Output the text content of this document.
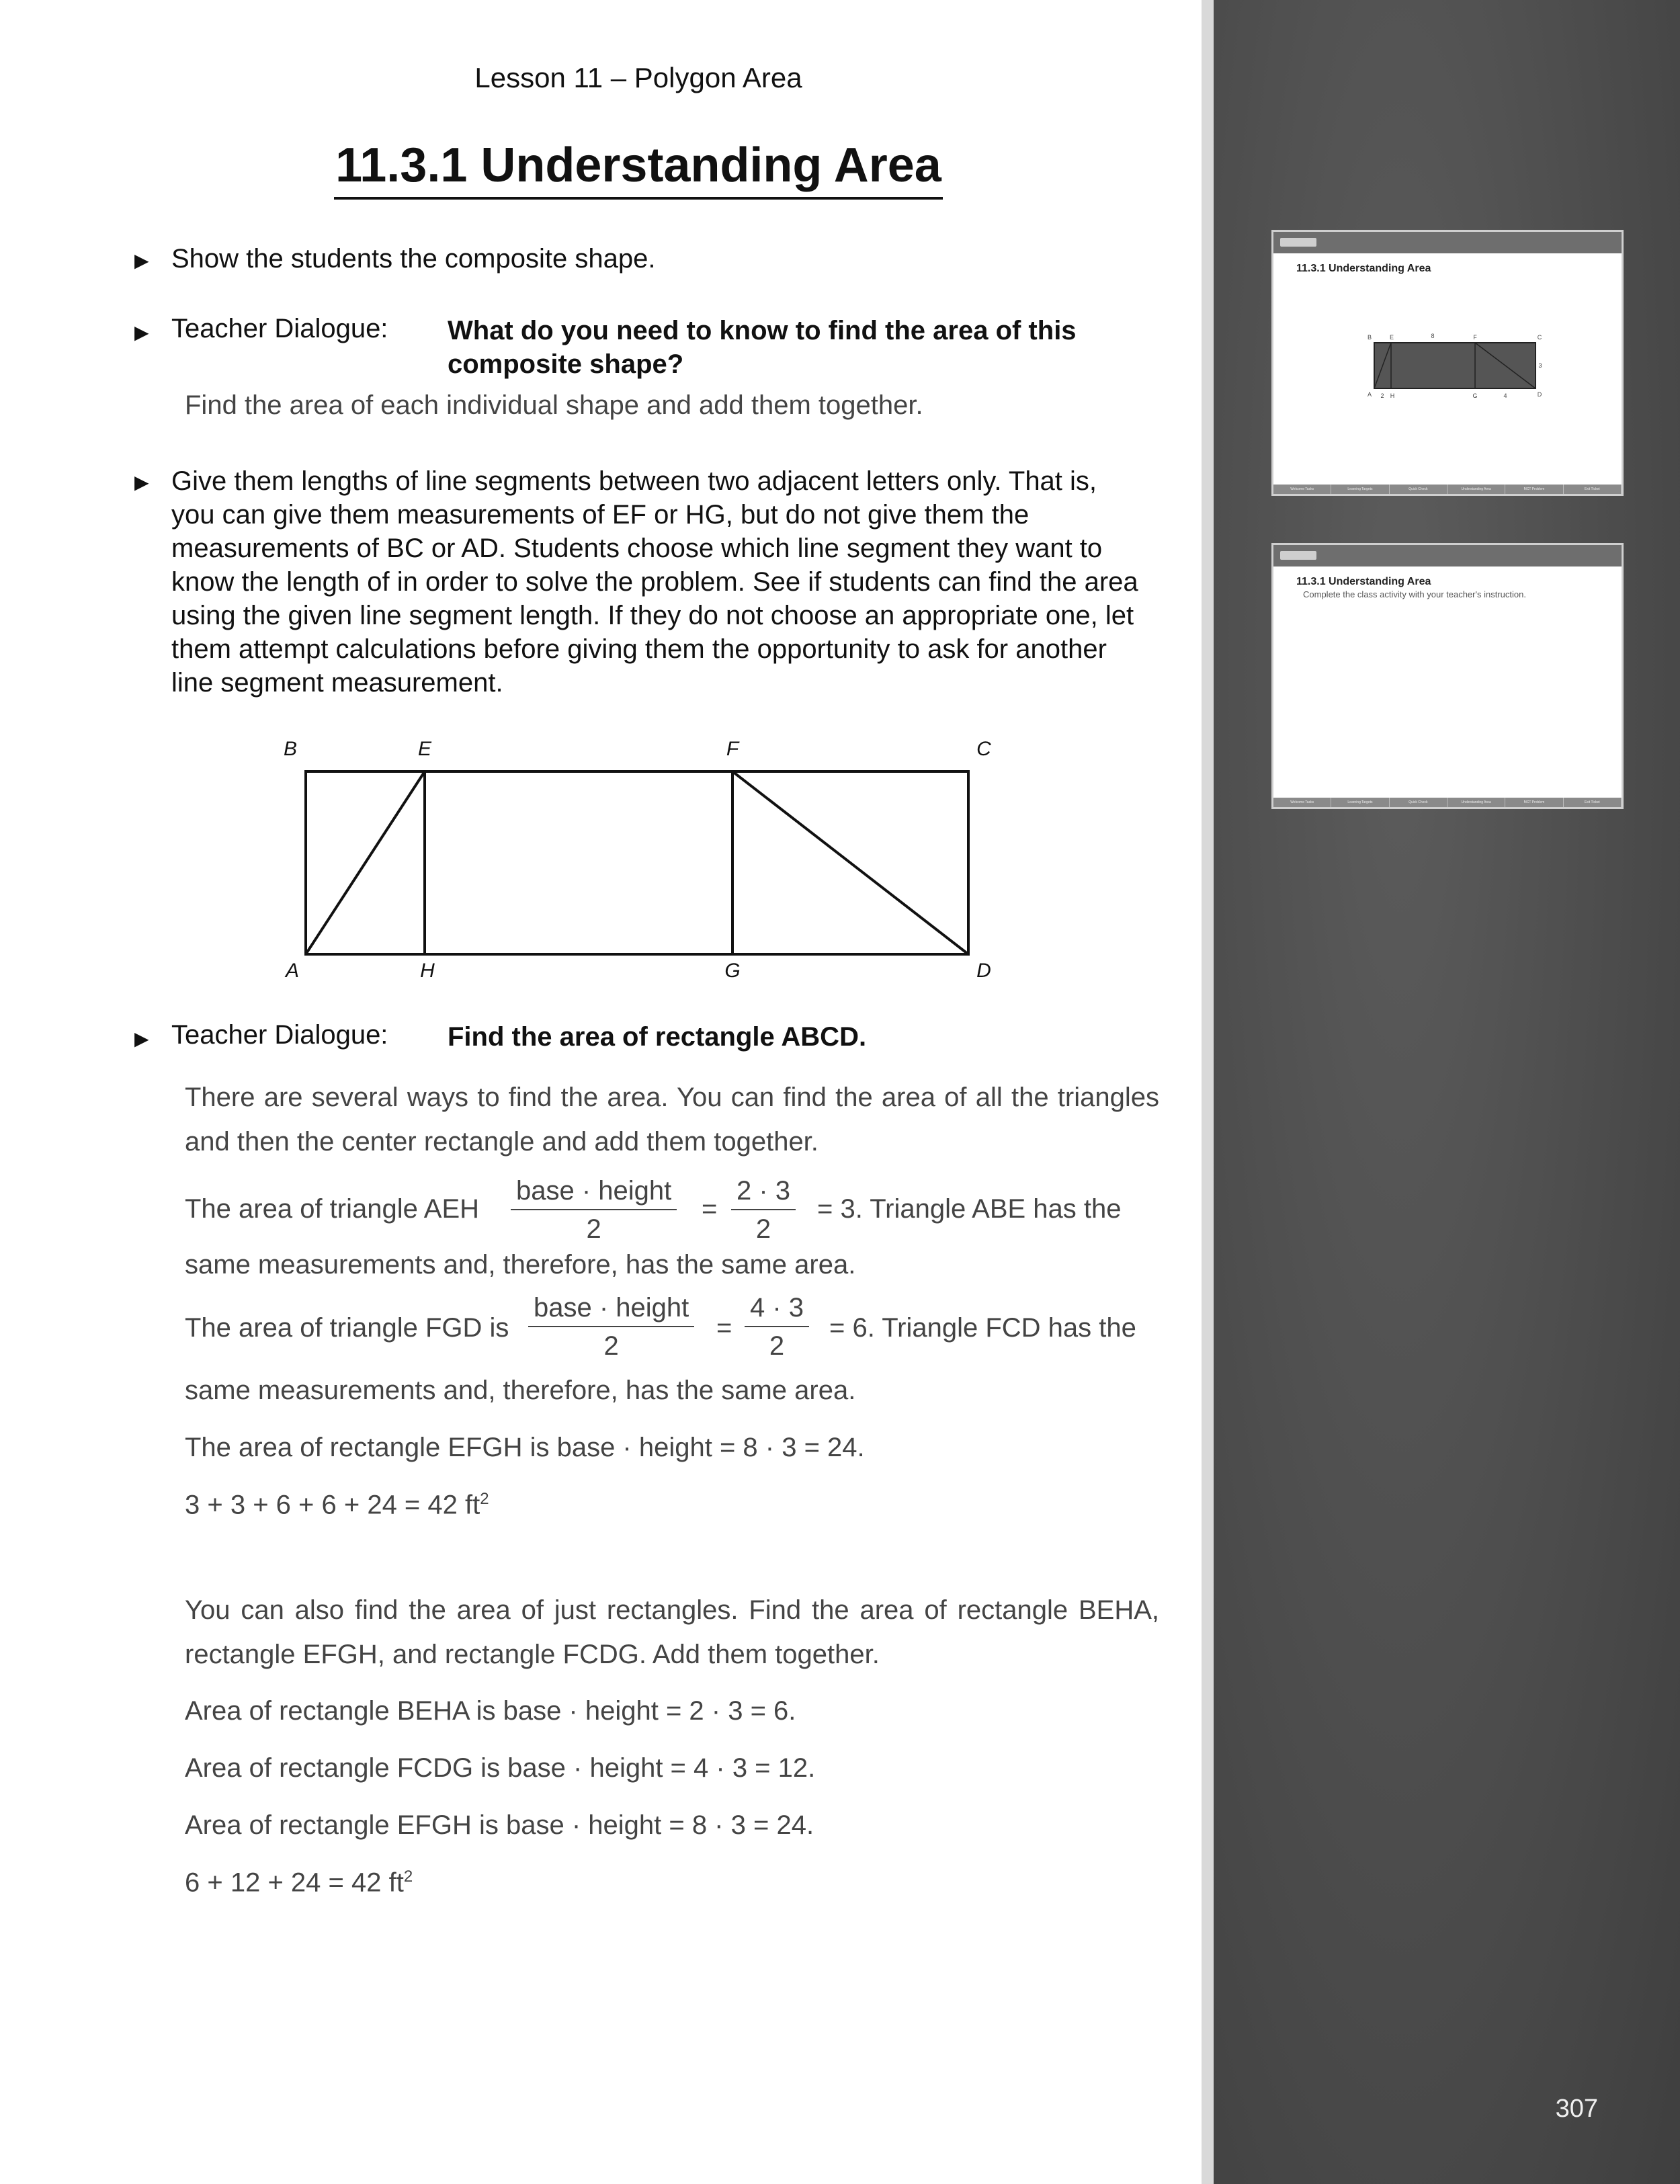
Lesson 11 – Polygon Area
11.3.1 Understanding Area
▶ Show the students the composite shape.
▶ Teacher Dialogue: What do you need to know to find the area of this composite shape?
Find the area of each individual shape and add them together.
▶ Give them lengths of line segments between two adjacent letters only. That is, you can give them measurements of EF or HG, but do not give them the measurements of BC or AD. Students choose which line segment they want to know the length of in order to solve the problem. See if students can find the area using the given line segment length. If they do not choose an appropriate one, let them attempt calculations before giving them the opportunity to ask for another line segment measurement.
B	E	F	C
A	H	G	D
▶ Teacher Dialogue: Find the area of rectangle ABCD.
There are several ways to find the area. You can find the area of all the triangles and then the center rectangle and add them together.
The area of triangle AEH
base · height
2
= $\frac{2 \cdot 3}{2} = 3$. Triangle ABE has the
same measurements and, therefore, has the same area.
The area of triangle FGD is
base · height
2
= $\frac{4 \cdot 3}{2} = 6$. Triangle FCD has the
same measurements and, therefore, has the same area.
The area of rectangle EFGH is base · height = 8 · 3 = 24.
3 + 3 + 6 + 6 + 24 = 42 $ft^2$
You can also find the area of just rectangles. Find the area of rectangle BEHA, rectangle EFGH, and rectangle FCDG. Add them together.
Area of rectangle BEHA is base · height = 2 · 3 = 6.
Area of rectangle FCDG is base · height = 4 · 3 = 12.
Area of rectangle EFGH is base · height = 8 · 3 = 24.
6 + 12 + 24 = 42 $ft^2$
307
11.3.1 Understanding Area
B	E	8	F	C
3
A 2 H	G	4	D
Welcome Tasks	Learning Targets	Quick Check	Understanding Area	MCT Problem	Exit Ticket
11.3.1 Understanding Area
Complete the class activity with your teacher's instruction.
Welcome Tasks	Learning Targets	Quick Check	Understanding Area	MCT Problem	Exit Ticket
